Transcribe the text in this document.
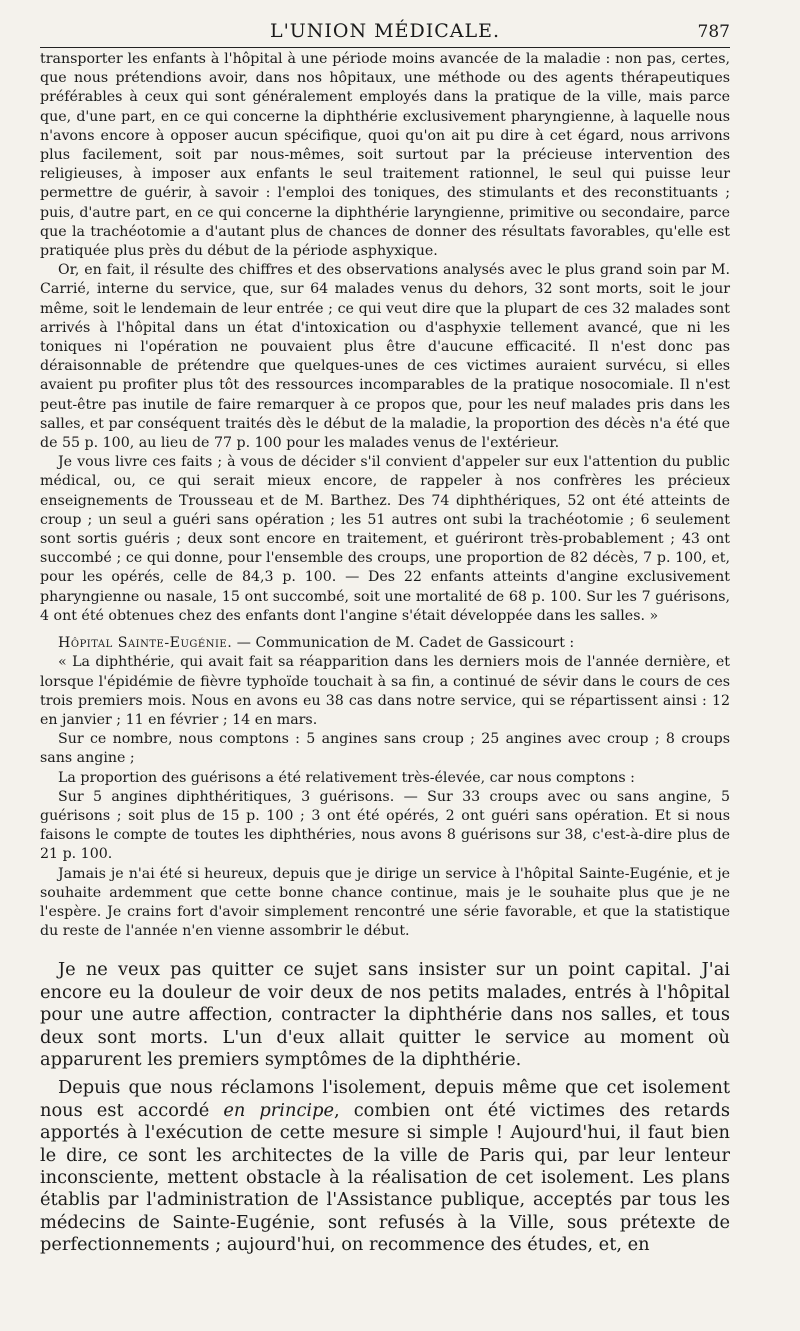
L'UNION MÉDICALE.	787

transporter les enfants à l'hôpital à une période moins avancée de la maladie : non pas, certes, que nous prétendions avoir, dans nos hôpitaux, une méthode ou des agents thérapeutiques préférables à ceux qui sont généralement employés dans la pratique de la ville, mais parce que, d'une part, en ce qui concerne la diphthérie exclusivement pharyngienne, à laquelle nous n'avons encore à opposer aucun spécifique, quoi qu'on ait pu dire à cet égard, nous arrivons plus facilement, soit par nous-mêmes, soit surtout par la précieuse intervention des religieuses, à imposer aux enfants le seul traitement rationnel, le seul qui puisse leur permettre de guérir, à savoir : l'emploi des toniques, des stimulants et des reconstituants ; puis, d'autre part, en ce qui concerne la diphthérie laryngienne, primitive ou secondaire, parce que la trachéotomie a d'autant plus de chances de donner des résultats favorables, qu'elle est pratiquée plus près du début de la période asphyxique.

Or, en fait, il résulte des chiffres et des observations analysés avec le plus grand soin par M. Carrié, interne du service, que, sur 64 malades venus du dehors, 32 sont morts, soit le jour même, soit le lendemain de leur entrée ; ce qui veut dire que la plupart de ces 32 malades sont arrivés à l'hôpital dans un état d'intoxication ou d'asphyxie tellement avancé, que ni les toniques ni l'opération ne pouvaient plus être d'aucune efficacité. Il n'est donc pas déraisonnable de prétendre que quelques-unes de ces victimes auraient survécu, si elles avaient pu profiter plus tôt des ressources incomparables de la pratique nosocomiale. Il n'est peut-être pas inutile de faire remarquer à ce propos que, pour les neuf malades pris dans les salles, et par conséquent traités dès le début de la maladie, la proportion des décès n'a été que de 55 p. 100, au lieu de 77 p. 100 pour les malades venus de l'extérieur.

Je vous livre ces faits ; à vous de décider s'il convient d'appeler sur eux l'attention du public médical, ou, ce qui serait mieux encore, de rappeler à nos confrères les précieux enseignements de Trousseau et de M. Barthez. Des 74 diphthériques, 52 ont été atteints de croup ; un seul a guéri sans opération ; les 51 autres ont subi la trachéotomie ; 6 seulement sont sortis guéris ; deux sont encore en traitement, et guériront très-probablement ; 43 ont succombé ; ce qui donne, pour l'ensemble des croups, une proportion de 82 décès, 7 p. 100, et, pour les opérés, celle de 84,3 p. 100. — Des 22 enfants atteints d'angine exclusivement pharyngienne ou nasale, 15 ont succombé, soit une mortalité de 68 p. 100. Sur les 7 guérisons, 4 ont été obtenues chez des enfants dont l'angine s'était développée dans les salles. »

Hôpital Sainte-Eugénie. — Communication de M. Cadet de Gassicourt :

« La diphthérie, qui avait fait sa réapparition dans les derniers mois de l'année dernière, et lorsque l'épidémie de fièvre typhoïde touchait à sa fin, a continué de sévir dans le cours de ces trois premiers mois. Nous en avons eu 38 cas dans notre service, qui se répartissent ainsi : 12 en janvier ; 11 en février ; 14 en mars.

Sur ce nombre, nous comptons : 5 angines sans croup ; 25 angines avec croup ; 8 croups sans angine ;

La proportion des guérisons a été relativement très-élevée, car nous comptons :

Sur 5 angines diphthéritiques, 3 guérisons. — Sur 33 croups avec ou sans angine, 5 guérisons ; soit plus de 15 p. 100 ; 3 ont été opérés, 2 ont guéri sans opération. Et si nous faisons le compte de toutes les diphthéries, nous avons 8 guérisons sur 38, c'est-à-dire plus de 21 p. 100.

Jamais je n'ai été si heureux, depuis que je dirige un service à l'hôpital Sainte-Eugénie, et je souhaite ardemment que cette bonne chance continue, mais je le souhaite plus que je ne l'espère. Je crains fort d'avoir simplement rencontré une série favorable, et que la statistique du reste de l'année n'en vienne assombrir le début.

Je ne veux pas quitter ce sujet sans insister sur un point capital. J'ai encore eu la douleur de voir deux de nos petits malades, entrés à l'hôpital pour une autre affection, contracter la diphthérie dans nos salles, et tous deux sont morts. L'un d'eux allait quitter le service au moment où apparurent les premiers symptômes de la diphthérie.

Depuis que nous réclamons l'isolement, depuis même que cet isolement nous est accordé en principe, combien ont été victimes des retards apportés à l'exécution de cette mesure si simple ! Aujourd'hui, il faut bien le dire, ce sont les architectes de la ville de Paris qui, par leur lenteur inconsciente, mettent obstacle à la réalisation de cet isolement. Les plans établis par l'administration de l'Assistance publique, acceptés par tous les médecins de Sainte-Eugénie, sont refusés à la Ville, sous prétexte de perfectionnements ; aujourd'hui, on recommence des études, et, en
